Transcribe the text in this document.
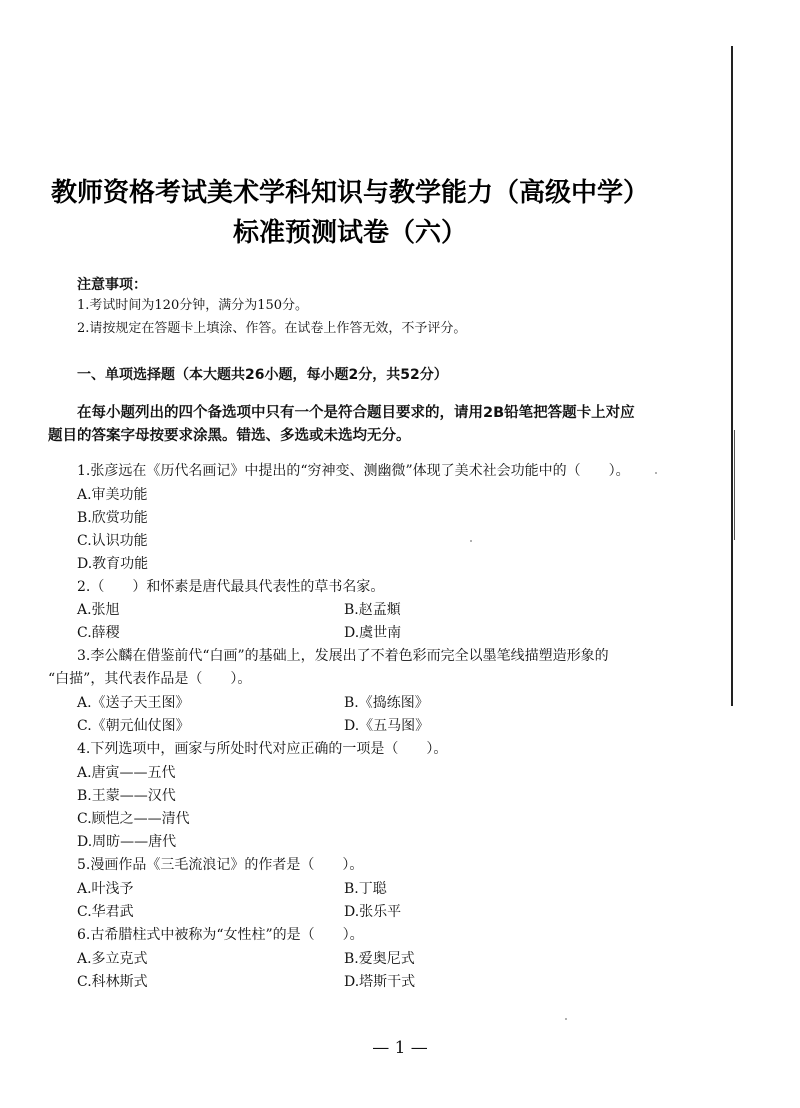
教师资格考试美术学科知识与教学能力（高级中学）
标准预测试卷（六）
注意事项：
1.考试时间为120分钟，满分为150分。
2.请按规定在答题卡上填涂、作答。在试卷上作答无效，不予评分。
一、单项选择题（本大题共26小题，每小题2分，共52分）
在每小题列出的四个备选项中只有一个是符合题目要求的，请用2B铅笔把答题卡上对应
题目的答案字母按要求涂黑。错选、多选或未选均无分。
1.张彦远在《历代名画记》中提出的“穷神变、测幽微”体现了美术社会功能中的（　　）。
A.审美功能
B.欣赏功能
C.认识功能
D.教育功能
2.（　　）和怀素是唐代最具代表性的草书名家。
A.张旭	B.赵孟頫
C.薛稷	D.虞世南
3.李公麟在借鉴前代“白画”的基础上，发展出了不着色彩而完全以墨笔线描塑造形象的
“白描”，其代表作品是（　　）。
A.《送子天王图》	B.《捣练图》
C.《朝元仙仗图》	D.《五马图》
4.下列选项中，画家与所处时代对应正确的一项是（　　）。
A.唐寅——五代
B.王蒙——汉代
C.顾恺之——清代
D.周昉——唐代
5.漫画作品《三毛流浪记》的作者是（　　）。
A.叶浅予	B.丁聪
C.华君武	D.张乐平
6.古希腊柱式中被称为“女性柱”的是（　　）。
A.多立克式	B.爱奥尼式
C.科林斯式	D.塔斯干式
— 1 —
